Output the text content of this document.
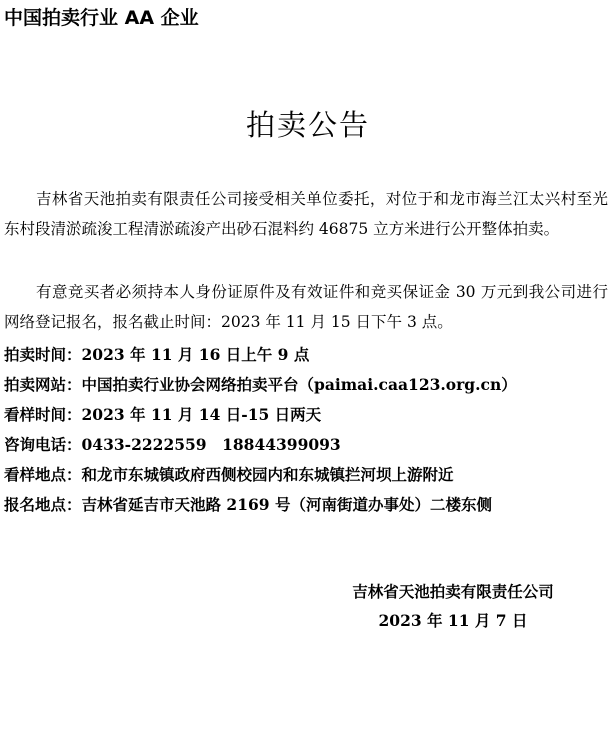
中国拍卖行业 AA 企业
拍卖公告

吉林省天池拍卖有限责任公司接受相关单位委托，对位于和龙市海兰江太兴村至光东村段清淤疏浚工程清淤疏浚产出砂石混料约 46875 立方米进行公开整体拍卖。

有意竞买者必须持本人身份证原件及有效证件和竞买保证金 30 万元到我公司进行网络登记报名，报名截止时间：2023 年 11 月 15 日下午 3 点。

拍卖时间：2023 年 11 月 16 日上午 9 点
拍卖网站：中国拍卖行业协会网络拍卖平台（paimai.caa123.org.cn）
看样时间：2023 年 11 月 14 日-15 日两天
咨询电话：0433-2222559　18844399093
看样地点：和龙市东城镇政府西侧校园内和东城镇拦河坝上游附近
报名地点：吉林省延吉市天池路 2169 号（河南街道办事处）二楼东侧
吉林省天池拍卖有限责任公司
2023 年 11 月 7 日
